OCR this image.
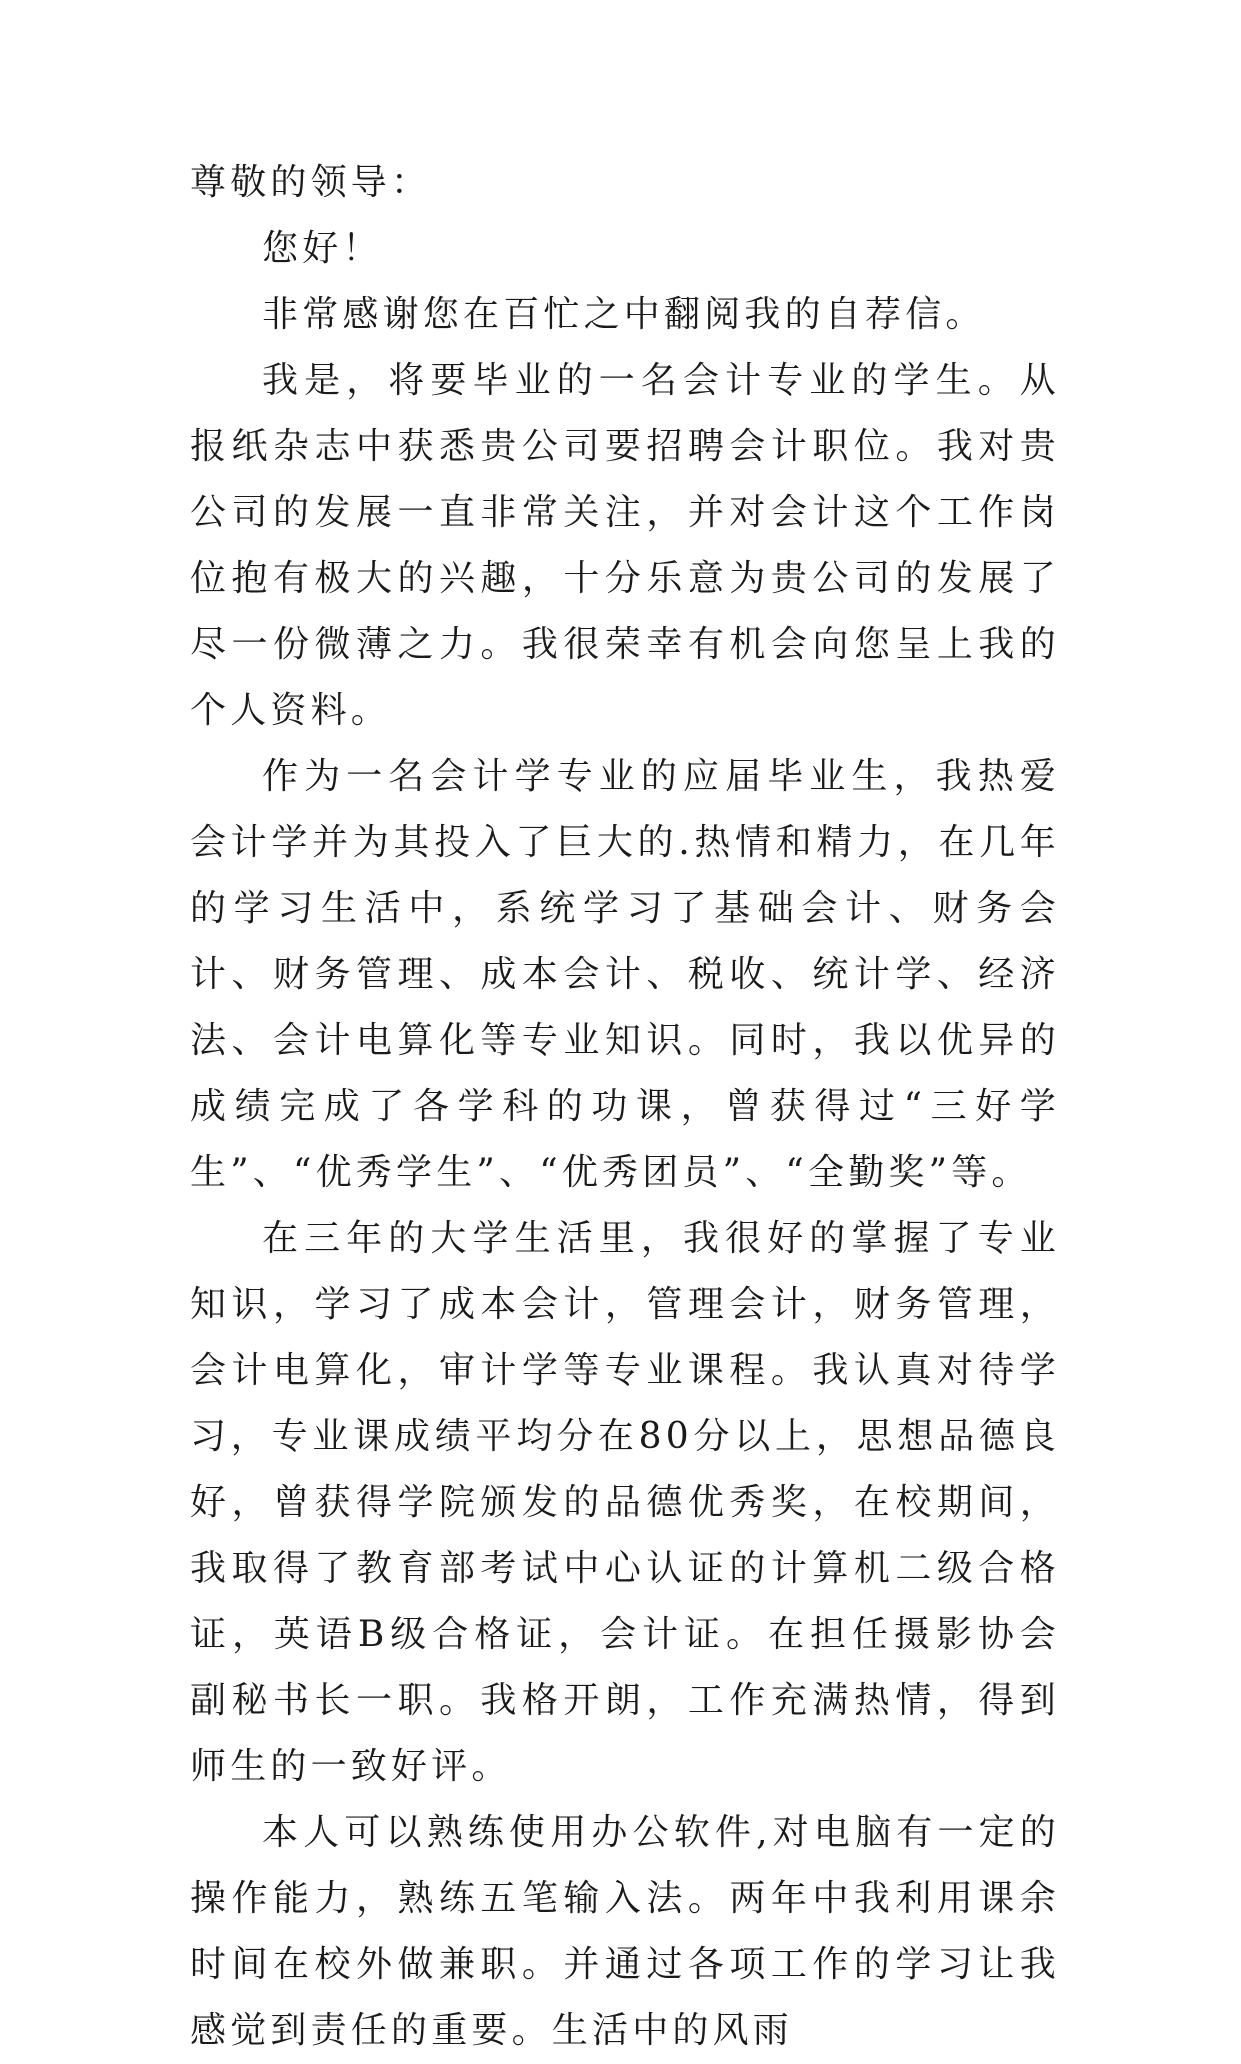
尊敬的领导：

您好！

非常感谢您在百忙之中翻阅我的自荐信。

我是，将要毕业的一名会计专业的学生。从报纸杂志中获悉贵公司要招聘会计职位。我对贵公司的发展一直非常关注，并对会计这个工作岗位抱有极大的兴趣，十分乐意为贵公司的发展了尽一份微薄之力。我很荣幸有机会向您呈上我的个人资料。

作为一名会计学专业的应届毕业生，我热爱会计学并为其投入了巨大的.热情和精力，在几年的学习生活中，系统学习了基础会计、财务会计、财务管理、成本会计、税收、统计学、经济法、会计电算化等专业知识。同时，我以优异的成绩完成了各学科的功课，曾获得过“三好学生”、“优秀学生”、“优秀团员”、“全勤奖”等。

在三年的大学生活里，我很好的掌握了专业知识，学习了成本会计，管理会计，财务管理，会计电算化，审计学等专业课程。我认真对待学习，专业课成绩平均分在80分以上，思想品德良好，曾获得学院颁发的品德优秀奖，在校期间，我取得了教育部考试中心认证的计算机二级合格证，英语B级合格证，会计证。在担任摄影协会副秘书长一职。我格开朗，工作充满热情，得到师生的一致好评。

本人可以熟练使用办公软件,对电脑有一定的操作能力，熟练五笔输入法。两年中我利用课余时间在校外做兼职。并通过各项工作的学习让我感觉到责任的重要。生活中的风雨
